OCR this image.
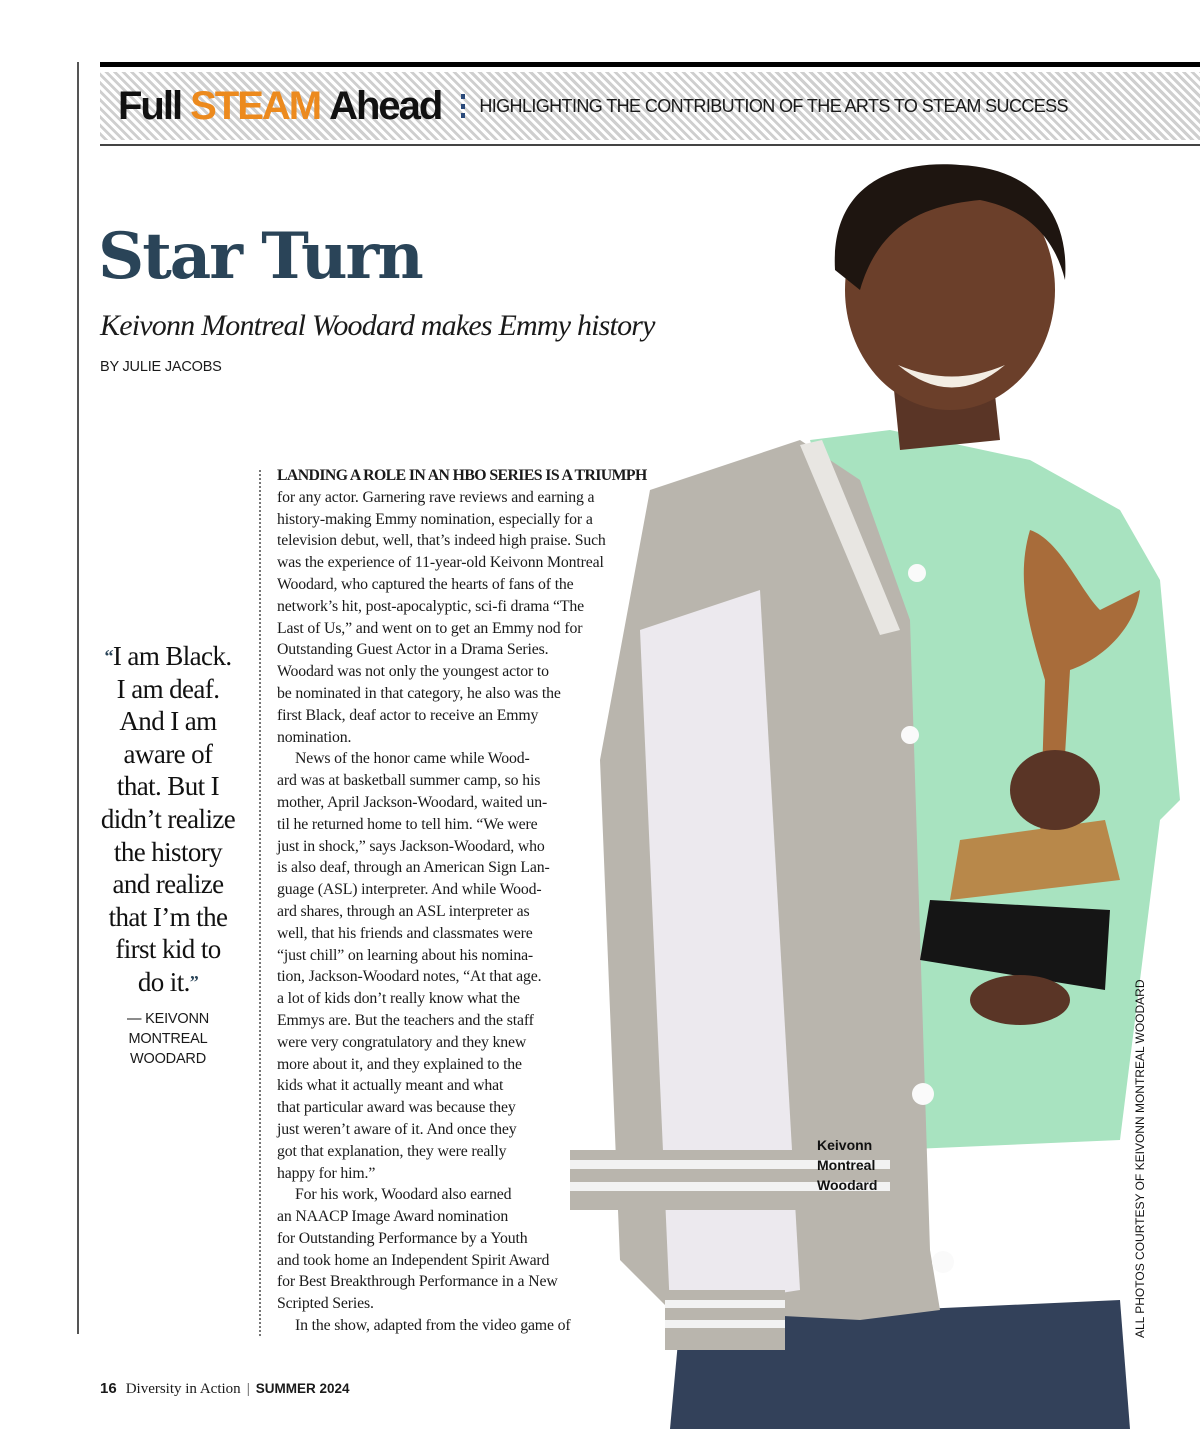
Full STEAM Ahead HIGHLIGHTING THE CONTRIBUTION OF THE ARTS TO STEAM SUCCESS
Star Turn
Keivonn Montreal Woodard makes Emmy history
BY JULIE JACOBS
“I am Black.
I am deaf.
And I am
aware of
that. But I
didn’t realize
the history
and realize
that I’m the
first kid to
do it.”
— KEIVONN
MONTREAL
WOODARD
LANDING A ROLE IN AN HBO SERIES IS A TRIUMPH
for any actor. Garnering rave reviews and earning a
history-making Emmy nomination, especially for a
television debut, well, that’s indeed high praise. Such
was the experience of 11-year-old Keivonn Montreal
Woodard, who captured the hearts of fans of the
network’s hit, post-apocalyptic, sci-fi drama “The
Last of Us,” and went on to get an Emmy nod for
Outstanding Guest Actor in a Drama Series.
Woodard was not only the youngest actor to
be nominated in that category, he also was the
first Black, deaf actor to receive an Emmy
nomination.
News of the honor came while Wood-
ard was at basketball summer camp, so his
mother, April Jackson-Woodard, waited un-
til he returned home to tell him. “We were
just in shock,” says Jackson-Woodard, who
is also deaf, through an American Sign Lan-
guage (ASL) interpreter. And while Wood-
ard shares, through an ASL interpreter as
well, that his friends and classmates were
“just chill” on learning about his nomina-
tion, Jackson-Woodard notes, “At that age.
a lot of kids don’t really know what the
Emmys are. But the teachers and the staff
were very congratulatory and they knew
more about it, and they explained to the
kids what it actually meant and what
that particular award was because they
just weren’t aware of it. And once they
got that explanation, they were really
happy for him.”
For his work, Woodard also earned
an NAACP Image Award nomination
for Outstanding Performance by a Youth
and took home an Independent Spirit Award
for Best Breakthrough Performance in a New
Scripted Series.
In the show, adapted from the video game of
Keivonn
Montreal
Woodard	ALL PHOTOS COURTESY OF KEIVONN MONTREAL WOODARD
16 Diversity in Action | SUMMER 2024
